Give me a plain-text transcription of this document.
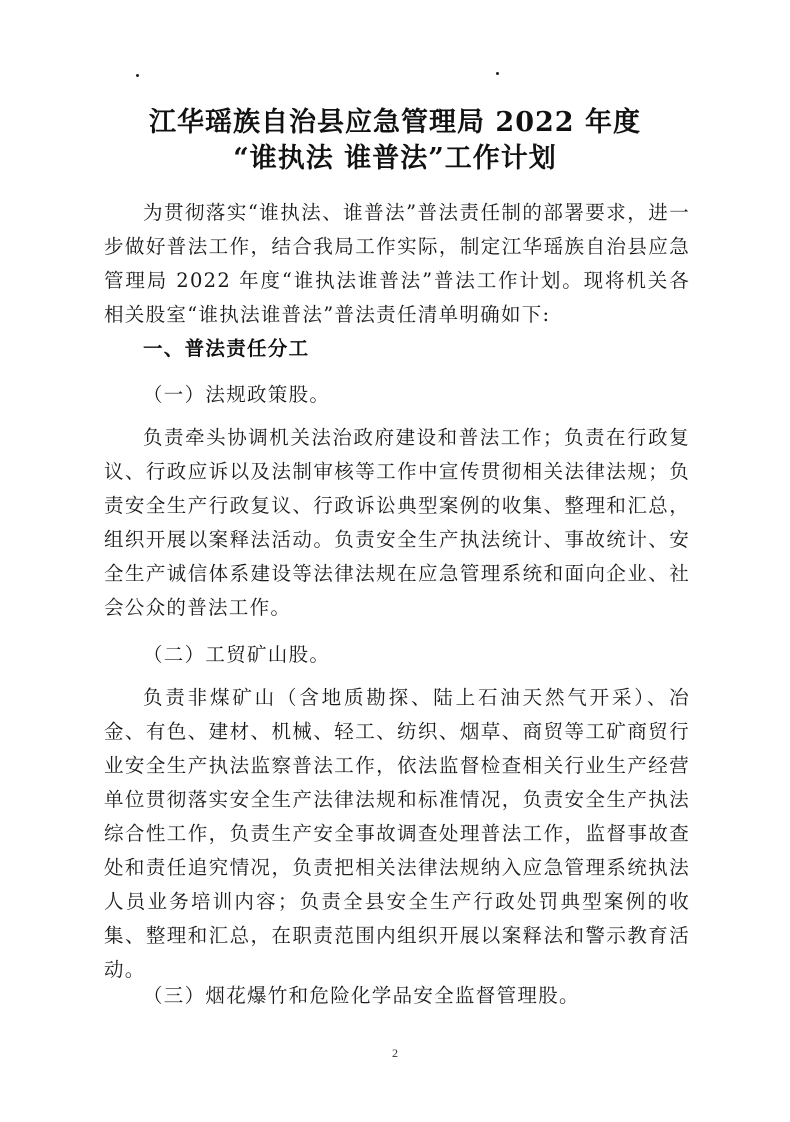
江华瑶族自治县应急管理局 2022 年度
“谁执法 谁普法”工作计划

为贯彻落实“谁执法、谁普法”普法责任制的部署要求，进一步做好普法工作，结合我局工作实际，制定江华瑶族自治县应急管理局 2022 年度“谁执法谁普法”普法工作计划。现将机关各相关股室“谁执法谁普法”普法责任清单明确如下:

一、普法责任分工

（一）法规政策股。

负责牵头协调机关法治政府建设和普法工作；负责在行政复议、行政应诉以及法制审核等工作中宣传贯彻相关法律法规；负责安全生产行政复议、行政诉讼典型案例的收集、整理和汇总，组织开展以案释法活动。负责安全生产执法统计、事故统计、安全生产诚信体系建设等法律法规在应急管理系统和面向企业、社会公众的普法工作。

（二）工贸矿山股。

负责非煤矿山（含地质勘探、陆上石油天然气开采）、冶金、有色、建材、机械、轻工、纺织、烟草、商贸等工矿商贸行业安全生产执法监察普法工作，依法监督检查相关行业生产经营单位贯彻落实安全生产法律法规和标准情况，负责安全生产执法综合性工作，负责生产安全事故调查处理普法工作，监督事故查处和责任追究情况，负责把相关法律法规纳入应急管理系统执法人员业务培训内容；负责全县安全生产行政处罚典型案例的收集、整理和汇总，在职责范围内组织开展以案释法和警示教育活动。

（三）烟花爆竹和危险化学品安全监督管理股。

2
